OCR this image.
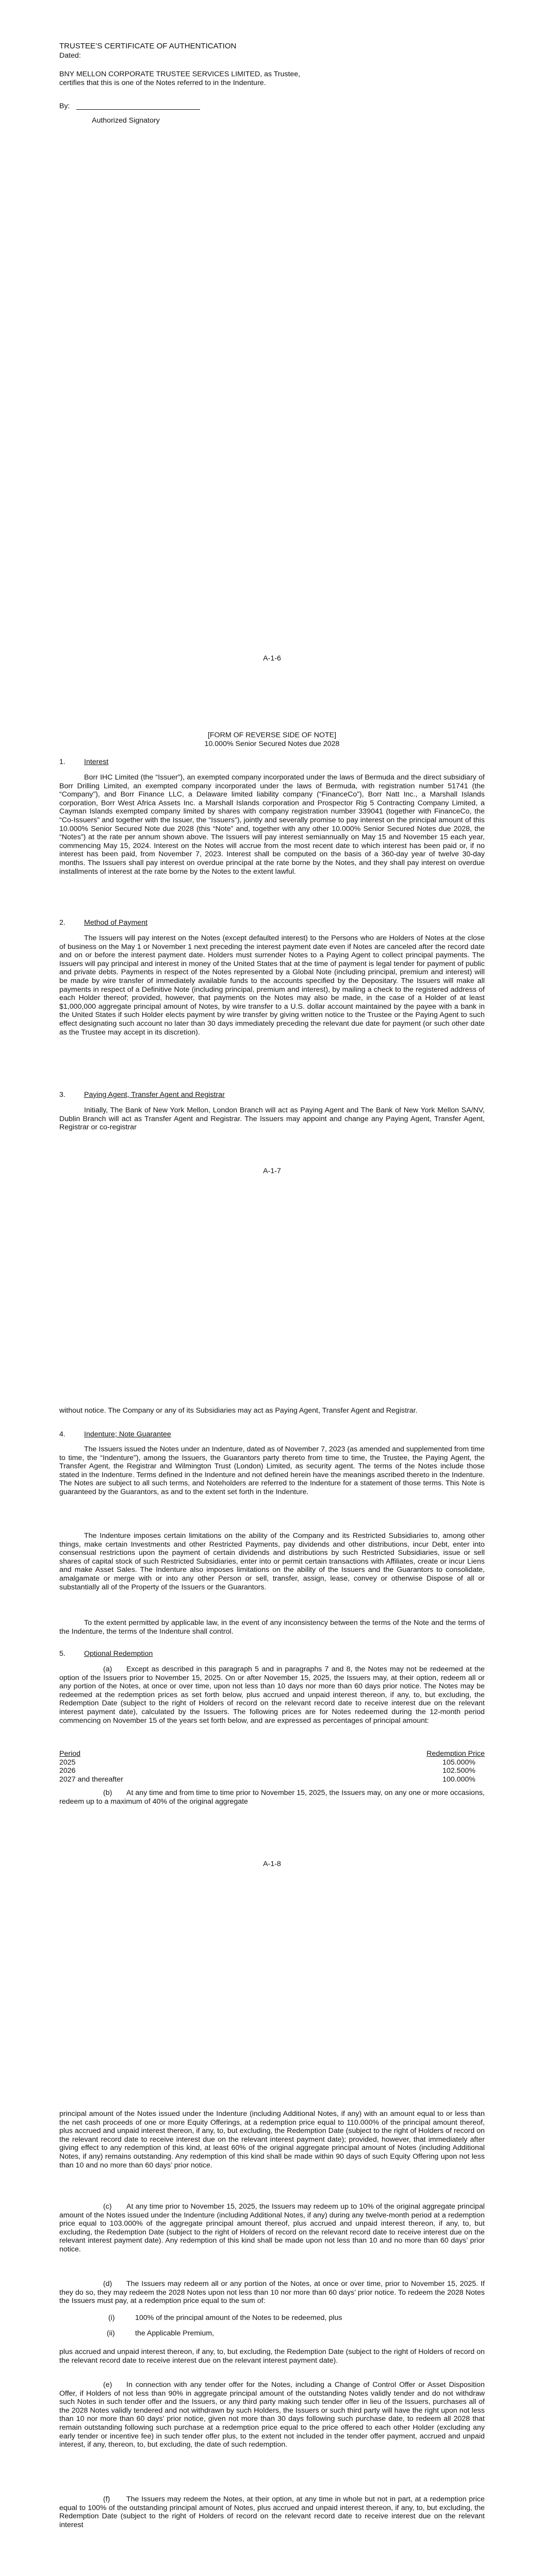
TRUSTEE’S CERTIFICATE OF AUTHENTICATION

Dated:

BNY MELLON CORPORATE TRUSTEE SERVICES LIMITED, as Trustee,

certifies that this is one of the Notes referred to in the Indenture.

By:

Authorized Signatory

A-1-6

[FORM OF REVERSE SIDE OF NOTE]

10.000% Senior Secured Notes due 2028

1.	Interest

Borr IHC Limited (the “Issuer”), an exempted company incorporated under the laws of Bermuda and the direct subsidiary of Borr Drilling Limited, an exempted company incorporated under the laws of Bermuda, with registration number 51741 (the “Company”), and Borr Finance LLC, a Delaware limited liability company (“FinanceCo”), Borr Natt Inc., a Marshall Islands corporation, Borr West Africa Assets Inc. a Marshall Islands corporation and Prospector Rig 5 Contracting Company Limited, a Cayman Islands exempted company limited by shares with company registration number 339041 (together with FinanceCo, the “Co-Issuers” and together with the Issuer, the “Issuers”), jointly and severally promise to pay interest on the principal amount of this 10.000% Senior Secured Note due 2028 (this “Note” and, together with any other 10.000% Senior Secured Notes due 2028, the “Notes”) at the rate per annum shown above. The Issuers will pay interest semiannually on May 15 and November 15 each year, commencing May 15, 2024. Interest on the Notes will accrue from the most recent date to which interest has been paid or, if no interest has been paid, from November 7, 2023. Interest shall be computed on the basis of a 360-day year of twelve 30-day months. The Issuers shall pay interest on overdue principal at the rate borne by the Notes, and they shall pay interest on overdue installments of interest at the rate borne by the Notes to the extent lawful.

2.	Method of Payment

The Issuers will pay interest on the Notes (except defaulted interest) to the Persons who are Holders of Notes at the close of business on the May 1 or November 1 next preceding the interest payment date even if Notes are canceled after the record date and on or before the interest payment date. Holders must surrender Notes to a Paying Agent to collect principal payments. The Issuers will pay principal and interest in money of the United States that at the time of payment is legal tender for payment of public and private debts. Payments in respect of the Notes represented by a Global Note (including principal, premium and interest) will be made by wire transfer of immediately available funds to the accounts specified by the Depositary. The Issuers will make all payments in respect of a Definitive Note (including principal, premium and interest), by mailing a check to the registered address of each Holder thereof; provided, however, that payments on the Notes may also be made, in the case of a Holder of at least $1,000,000 aggregate principal amount of Notes, by wire transfer to a U.S. dollar account maintained by the payee with a bank in the United States if such Holder elects payment by wire transfer by giving written notice to the Trustee or the Paying Agent to such effect designating such account no later than 30 days immediately preceding the relevant due date for payment (or such other date as the Trustee may accept in its discretion).

3.	Paying Agent, Transfer Agent and Registrar

Initially, The Bank of New York Mellon, London Branch will act as Paying Agent and The Bank of New York Mellon SA/NV, Dublin Branch will act as Transfer Agent and Registrar. The Issuers may appoint and change any Paying Agent, Transfer Agent, Registrar or co-registrar

A-1-7

without notice. The Company or any of its Subsidiaries may act as Paying Agent, Transfer Agent and Registrar.

4.	Indenture; Note Guarantee

The Issuers issued the Notes under an Indenture, dated as of November 7, 2023 (as amended and supplemented from time to time, the “Indenture”), among the Issuers, the Guarantors party thereto from time to time, the Trustee, the Paying Agent, the Transfer Agent, the Registrar and Wilmington Trust (London) Limited, as security agent. The terms of the Notes include those stated in the Indenture. Terms defined in the Indenture and not defined herein have the meanings ascribed thereto in the Indenture. The Notes are subject to all such terms, and Noteholders are referred to the Indenture for a statement of those terms. This Note is guaranteed by the Guarantors, as and to the extent set forth in the Indenture.

The Indenture imposes certain limitations on the ability of the Company and its Restricted Subsidiaries to, among other things, make certain Investments and other Restricted Payments, pay dividends and other distributions, incur Debt, enter into consensual restrictions upon the payment of certain dividends and distributions by such Restricted Subsidiaries, issue or sell shares of capital stock of such Restricted Subsidiaries, enter into or permit certain transactions with Affiliates, create or incur Liens and make Asset Sales. The Indenture also imposes limitations on the ability of the Issuers and the Guarantors to consolidate, amalgamate or merge with or into any other Person or sell, transfer, assign, lease, convey or otherwise Dispose of all or substantially all of the Property of the Issuers or the Guarantors.

To the extent permitted by applicable law, in the event of any inconsistency between the terms of the Note and the terms of the Indenture, the terms of the Indenture shall control.

5.	Optional Redemption
(a)	Except as described in this paragraph 5 and in paragraphs 7 and 8, the Notes may not be redeemed at the option of the Issuers prior to November 15, 2025. On or after November 15, 2025, the Issuers may, at their option, redeem all or any portion of the Notes, at once or over time, upon not less than 10 days nor more than 60 days prior notice. The Notes may be redeemed at the redemption prices as set forth below, plus accrued and unpaid interest thereon, if any, to, but excluding, the Redemption Date (subject to the right of Holders of record on the relevant record date to receive interest due on the relevant interest payment date), calculated by the Issuers. The following prices are for Notes redeemed during the 12-month period commencing on November 15 of the years set forth below, and are expressed as percentages of principal amount:

Period	Redemption Price
2025	105.000%
2026	102.500%
2027 and thereafter	100.000%
(b)	At any time and from time to time prior to November 15, 2025, the Issuers may, on any one or more occasions, redeem up to a maximum of 40% of the original aggregate

A-1-8

principal amount of the Notes issued under the Indenture (including Additional Notes, if any) with an amount equal to or less than the net cash proceeds of one or more Equity Offerings, at a redemption price equal to 110.000% of the principal amount thereof, plus accrued and unpaid interest thereon, if any, to, but excluding, the Redemption Date (subject to the right of Holders of record on the relevant record date to receive interest due on the relevant interest payment date); provided, however, that immediately after giving effect to any redemption of this kind, at least 60% of the original aggregate principal amount of Notes (including Additional Notes, if any) remains outstanding. Any redemption of this kind shall be made within 90 days of such Equity Offering upon not less than 10 and no more than 60 days’ prior notice.

(c)	At any time prior to November 15, 2025, the Issuers may redeem up to 10% of the original aggregate principal amount of the Notes issued under the Indenture (including Additional Notes, if any) during any twelve-month period at a redemption price equal to 103.000% of the aggregate principal amount thereof, plus accrued and unpaid interest thereon, if any, to, but excluding, the Redemption Date (subject to the right of Holders of record on the relevant record date to receive interest due on the relevant interest payment date). Any redemption of this kind shall be made upon not less than 10 and no more than 60 days’ prior notice.

(d)	The Issuers may redeem all or any portion of the Notes, at once or over time, prior to November 15, 2025. If they do so, they may redeem the 2028 Notes upon not less than 10 nor more than 60 days’ prior notice. To redeem the 2028 Notes the Issuers must pay, at a redemption price equal to the sum of:

(i)	100% of the principal amount of the Notes to be redeemed, plus

(ii)	the Applicable Premium,

plus accrued and unpaid interest thereon, if any, to, but excluding, the Redemption Date (subject to the right of Holders of record on the relevant record date to receive interest due on the relevant interest payment date).

(e)	In connection with any tender offer for the Notes, including a Change of Control Offer or Asset Disposition Offer, if Holders of not less than 90% in aggregate principal amount of the outstanding Notes validly tender and do not withdraw such Notes in such tender offer and the Issuers, or any third party making such tender offer in lieu of the Issuers, purchases all of the 2028 Notes validly tendered and not withdrawn by such Holders, the Issuers or such third party will have the right upon not less than 10 nor more than 60 days’ prior notice, given not more than 30 days following such purchase date, to redeem all 2028 that remain outstanding following such purchase at a redemption price equal to the price offered to each other Holder (excluding any early tender or incentive fee) in such tender offer plus, to the extent not included in the tender offer payment, accrued and unpaid interest, if any, thereon, to, but excluding, the date of such redemption.

(f)	The Issuers may redeem the Notes, at their option, at any time in whole but not in part, at a redemption price equal to 100% of the outstanding principal amount of Notes, plus accrued and unpaid interest thereon, if any, to, but excluding, the Redemption Date (subject to the right of Holders of record on the relevant record date to receive interest due on the relevant interest
